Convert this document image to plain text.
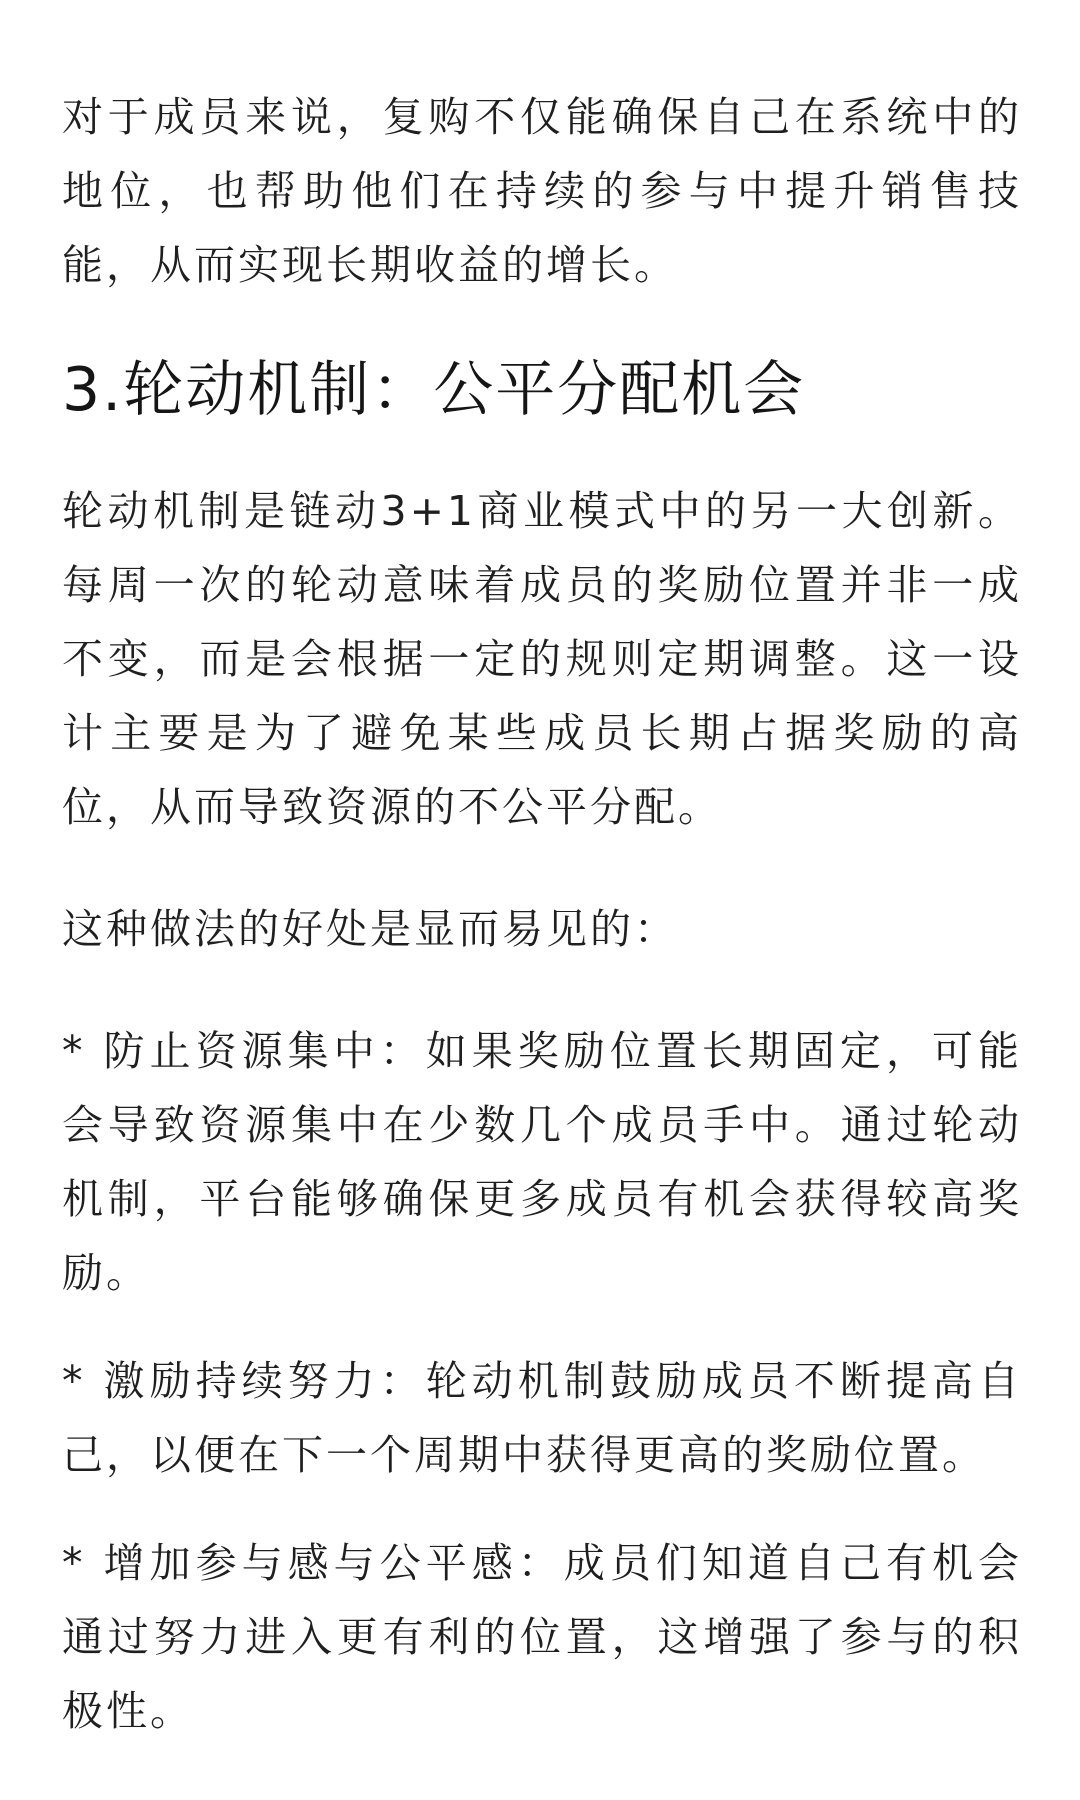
对于成员来说，复购不仅能确保自己在系统中的地位，也帮助他们在持续的参与中提升销售技能，从而实现长期收益的增长。

3.轮动机制：公平分配机会

轮动机制是链动3+1商业模式中的另一大创新。每周一次的轮动意味着成员的奖励位置并非一成不变，而是会根据一定的规则定期调整。这一设计主要是为了避免某些成员长期占据奖励的高位，从而导致资源的不公平分配。

这种做法的好处是显而易见的：

* 防止资源集中：如果奖励位置长期固定，可能会导致资源集中在少数几个成员手中。通过轮动机制，平台能够确保更多成员有机会获得较高奖励。

* 激励持续努力：轮动机制鼓励成员不断提高自己，以便在下一个周期中获得更高的奖励位置。

* 增加参与感与公平感：成员们知道自己有机会通过努力进入更有利的位置，这增强了参与的积极性。
